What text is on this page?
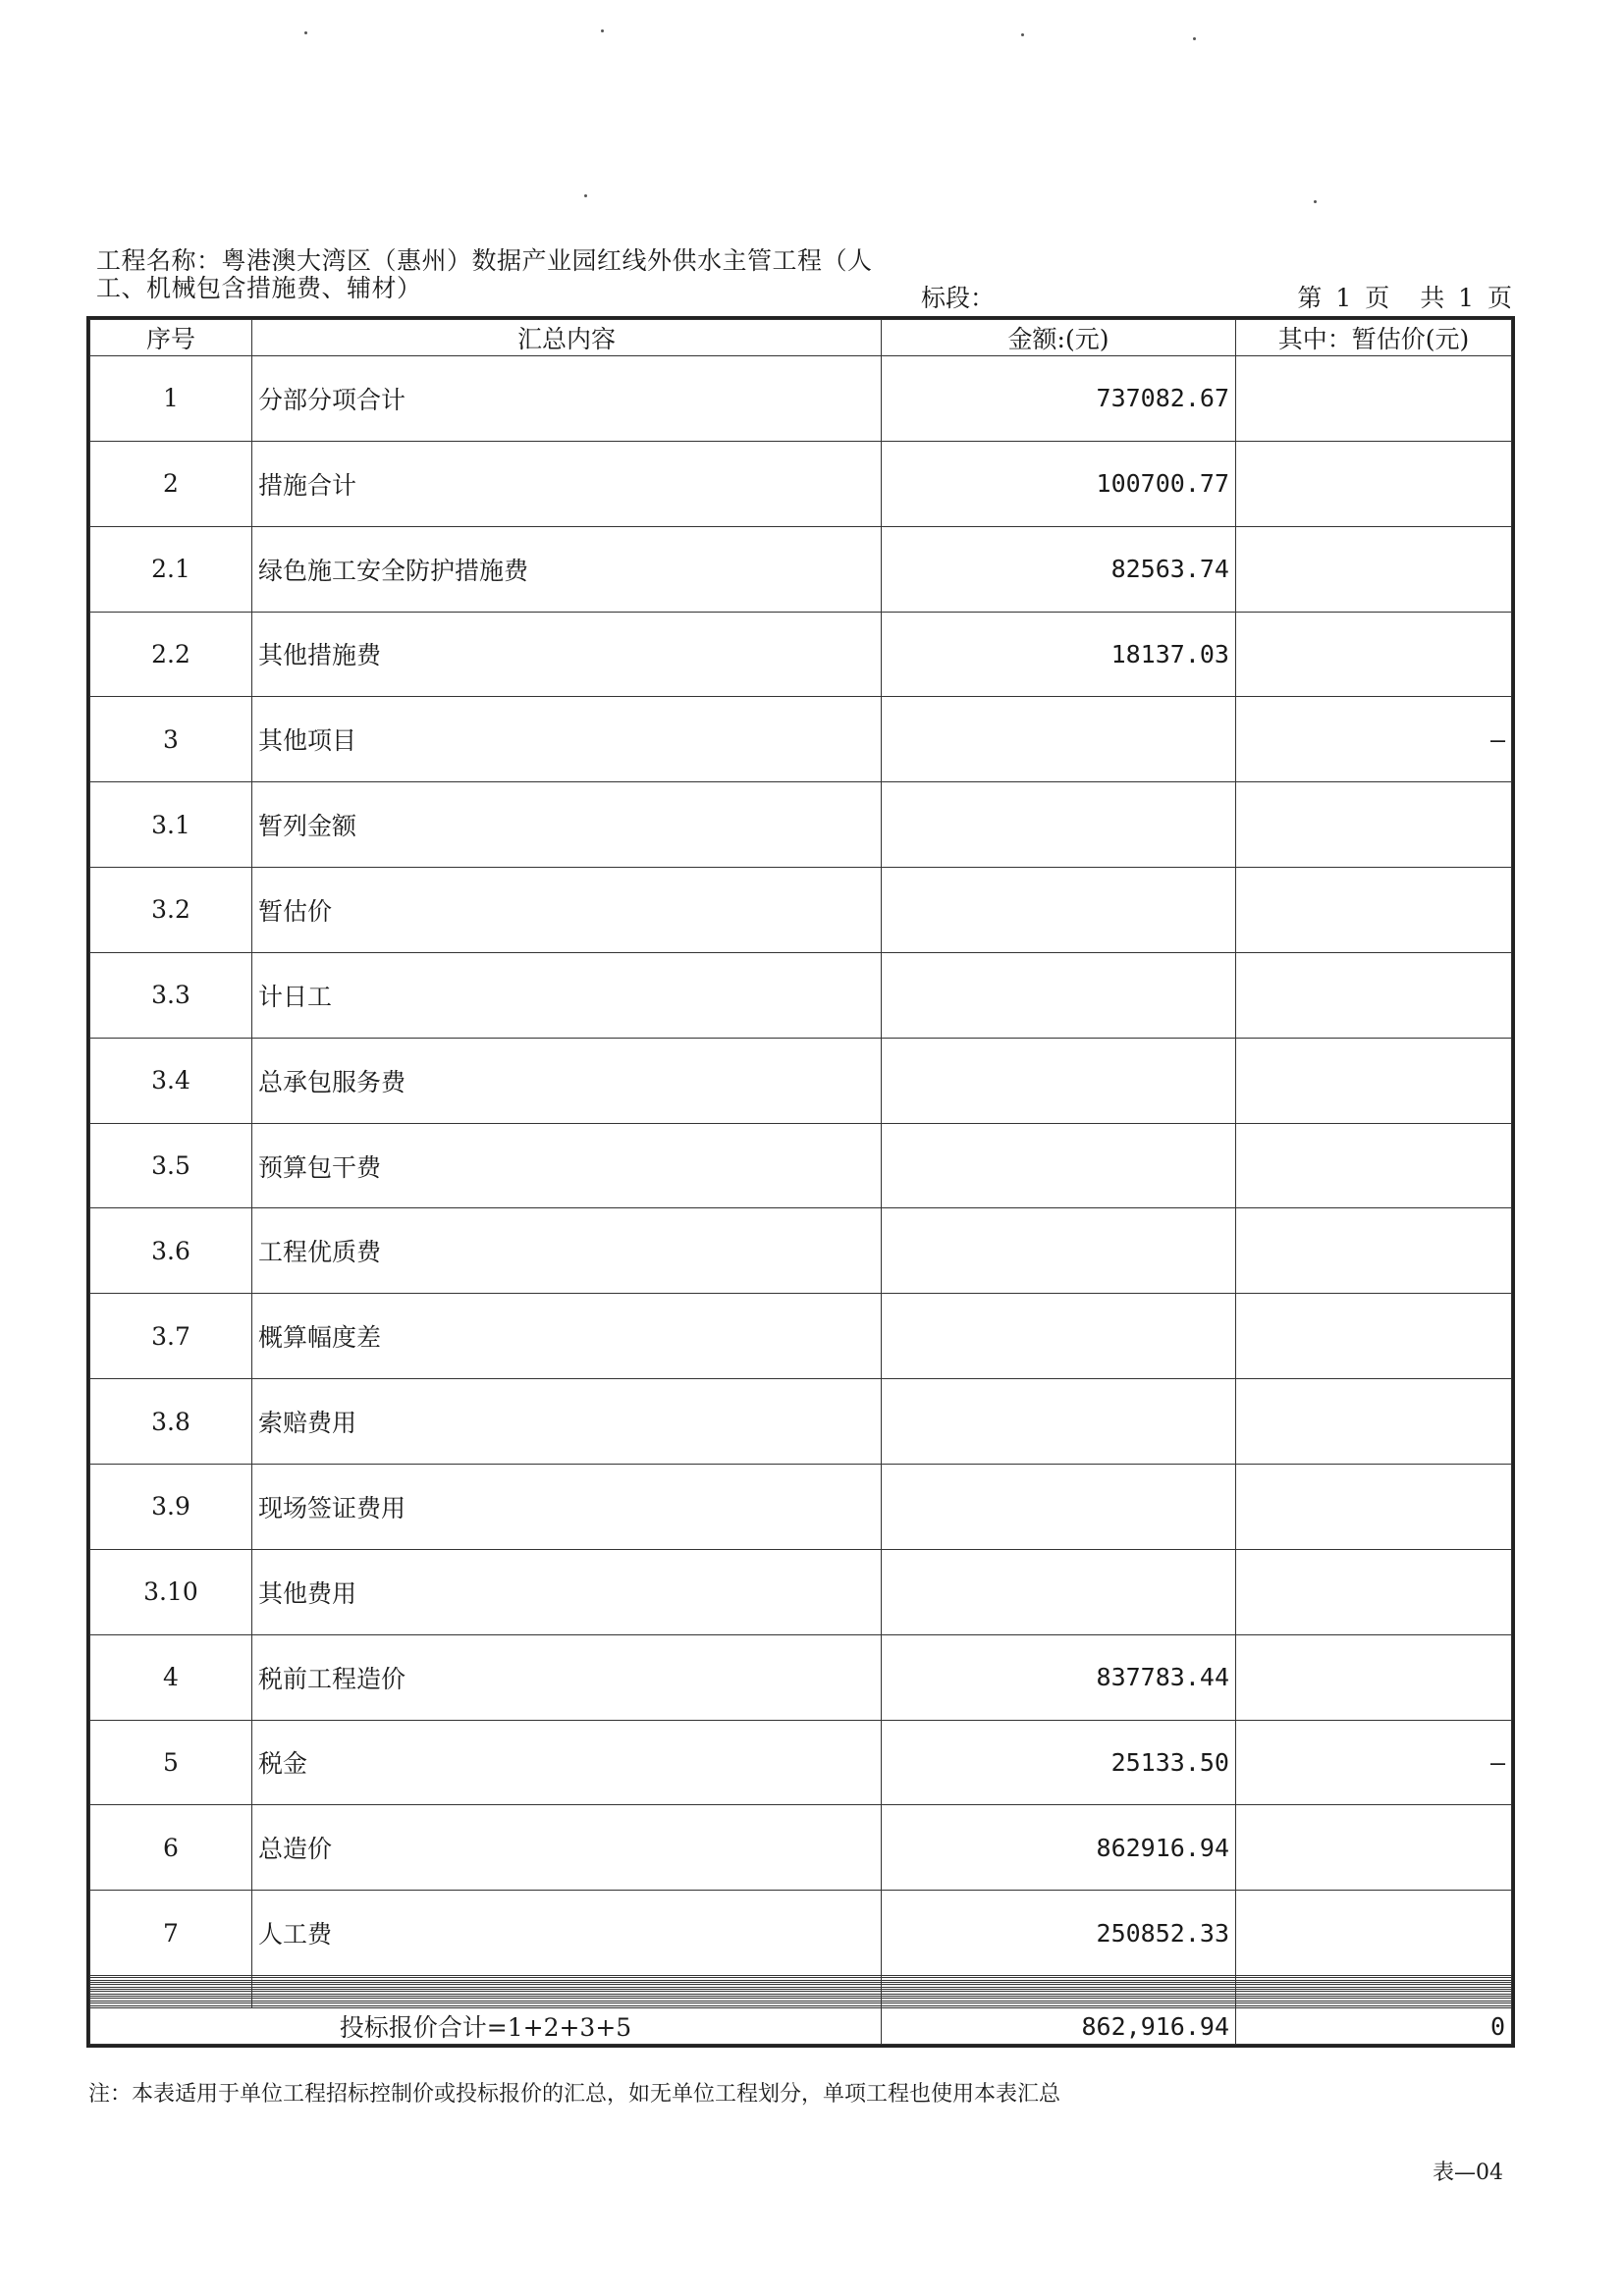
工程名称：粤港澳大湾区（惠州）数据产业园红线外供水主管工程（人工、机械包含措施费、辅材）	标段：	第 1 页　共 1 页
序号	汇总内容	金额:(元)	其中：暂估价(元)
1	分部分项合计	737082.67	
2	措施合计	100700.77	
2.1	绿色施工安全防护措施费	82563.74	
2.2	其他措施费	18137.03	
3	其他项目		—
3.1	暂列金额		
3.2	暂估价		
3.3	计日工		
3.4	总承包服务费		
3.5	预算包干费		
3.6	工程优质费		
3.7	概算幅度差		
3.8	索赔费用		
3.9	现场签证费用		
3.10	其他费用		
4	税前工程造价	837783.44	
5	税金	25133.50	—
6	总造价	862916.94	
7	人工费	250852.33	

投标报价合计=1+2+3+5		862,916.94	0
注：本表适用于单位工程招标控制价或投标报价的汇总，如无单位工程划分，单项工程也使用本表汇总
表—04
